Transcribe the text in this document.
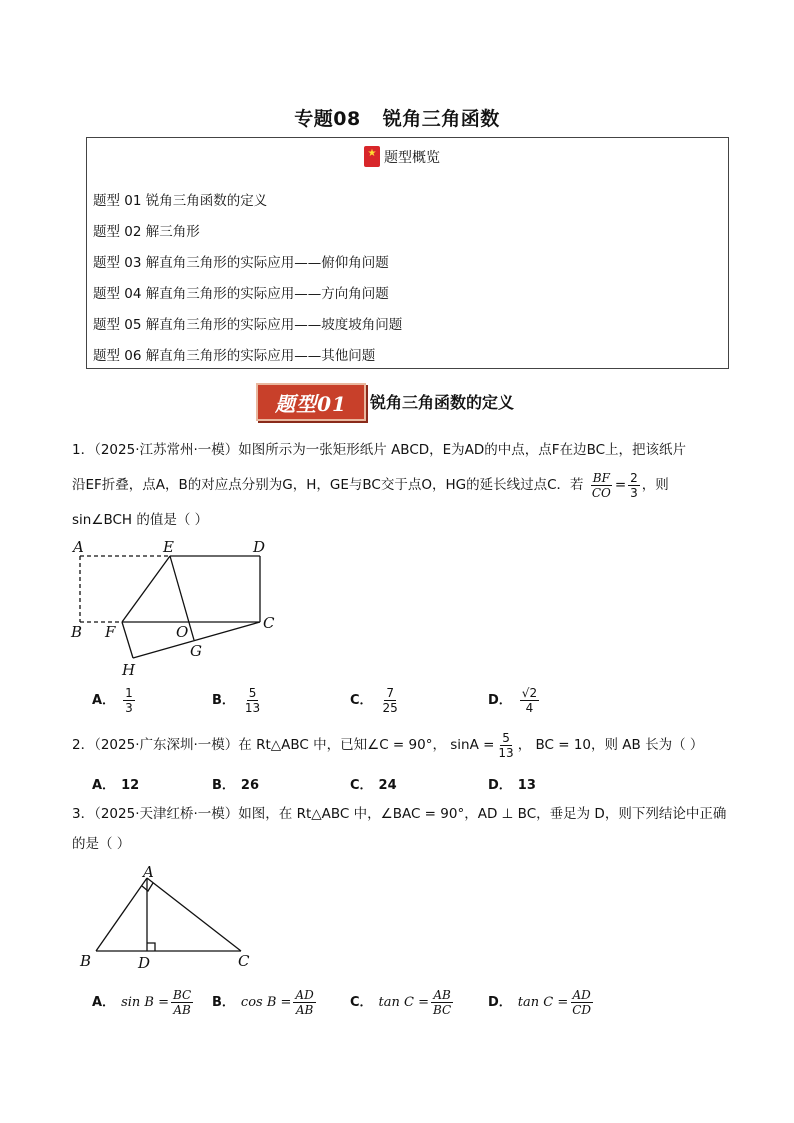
专题08 锐角三角函数
★ 题型概览
题型 01 锐角三角函数的定义
题型 02 解三角形
题型 03 解直角三角形的实际应用——俯仰角问题
题型 04 解直角三角形的实际应用——方向角问题
题型 05 解直角三角形的实际应用——坡度坡角问题
题型 06 解直角三角形的实际应用——其他问题
题型01 锐角三角函数的定义
1．（2025·江苏常州·一模）如图所示为一张矩形纸片 ABCD，E为AD的中点，点F在边BC上，把该纸片
沿EF折叠，点A，B的对应点分别为G，H，GE与BC交于点O，HG的延长线过点C．若 $\frac{BF}{CO} = \frac{2}{3}$ ，则
sin∠BCH 的值是（ ）
A	E	D
B F	O	C
G
H
A． $\frac{1}{3}$	B． $\frac{5}{13}$	C． $\frac{7}{25}$	D． $\frac{√2}{4}$
2．（2025·广东深圳·一模）在 Rt△ABC 中，已知∠C = 90°， $\sin A = \frac{5}{13}$ ， BC = 10，则 AB 长为（ ）
A． 12	B． 26	C． 24	D． 13
3．（2025·天津红桥·一模）如图，在 Rt△ABC 中，∠BAC = 90°，AD ⊥ BC，垂足为 D，则下列结论中正确
的是（ ）
A
B	D	C
A． $\sin B = \frac{BC}{AB}$ B． $\cos B = \frac{AD}{AB}$	C． $\tan C = \frac{AB}{BC}$	D． $\tan C = \frac{AD}{CD}$
